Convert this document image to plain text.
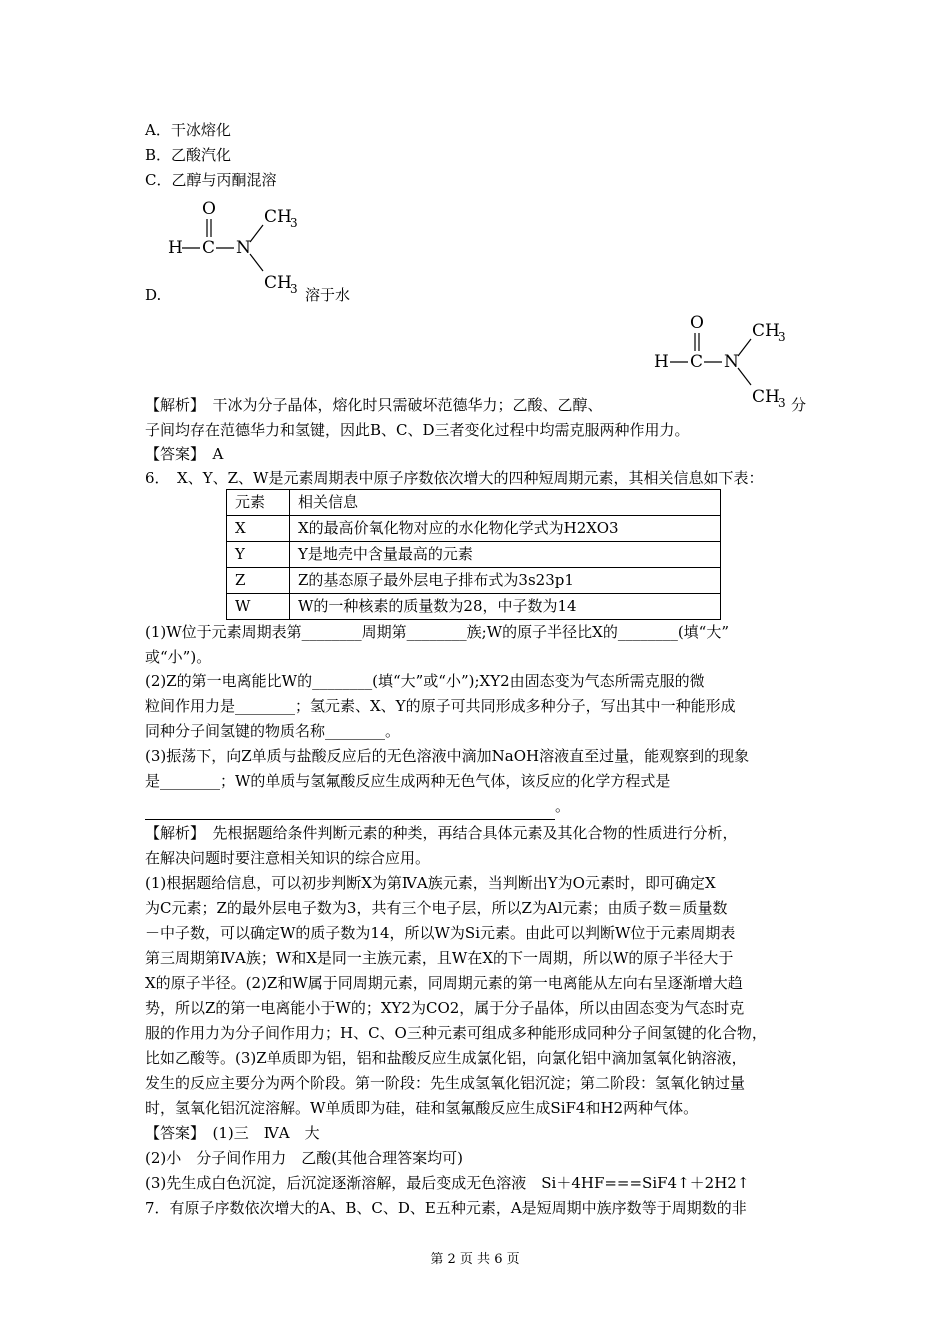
A．干冰熔化
B．乙酸汽化
C．乙醇与丙酮混溶
O
H C N
CH
3
CH
3
D.	溶于水
O
H C N
CH
3
CH
3
【解析】　干冰为分子晶体，熔化时只需破坏范德华力；乙酸、乙醇、	分
子间均存在范德华力和氢键，因此B、C、D三者变化过程中均需克服两种作用力。
【答案】　A
6．　X、Y、Z、W是元素周期表中原子序数依次增大的四种短周期元素，其相关信息如下表：
元素	相关信息
X	X的最高价氧化物对应的水化物化学式为H2XO3
Y	Y是地壳中含量最高的元素
Z	Z的基态原子最外层电子排布式为3s23p1
W	W的一种核素的质量数为28，中子数为14
(1)W位于元素周期表第________周期第________族;W的原子半径比X的________(填“大”
或“小”)。
(2)Z的第一电离能比W的________(填“大”或“小”);XY2由固态变为气态所需克服的微
粒间作用力是________；氢元素、X、Y的原子可共同形成多种分子，写出其中一种能形成
同种分子间氢键的物质名称________。
(3)振荡下，向Z单质与盐酸反应后的无色溶液中滴加NaOH溶液直至过量，能观察到的现象
是________；W的单质与氢氟酸反应生成两种无色气体，该反应的化学方程式是
。
【解析】　先根据题给条件判断元素的种类，再结合具体元素及其化合物的性质进行分析，
在解决问题时要注意相关知识的综合应用。
(1)根据题给信息，可以初步判断X为第ⅣA族元素，当判断出Y为O元素时，即可确定X
为C元素；Z的最外层电子数为3，共有三个电子层，所以Z为Al元素；由质子数＝质量数
－中子数，可以确定W的质子数为14，所以W为Si元素。由此可以判断W位于元素周期表
第三周期第ⅣA族；W和X是同一主族元素，且W在X的下一周期，所以W的原子半径大于
X的原子半径。(2)Z和W属于同周期元素，同周期元素的第一电离能从左向右呈逐渐增大趋
势，所以Z的第一电离能小于W的；XY2为CO2，属于分子晶体，所以由固态变为气态时克
服的作用力为分子间作用力；H、C、O三种元素可组成多种能形成同种分子间氢键的化合物，
比如乙酸等。(3)Z单质即为铝，铝和盐酸反应生成氯化铝，向氯化铝中滴加氢氧化钠溶液，
发生的反应主要分为两个阶段。第一阶段：先生成氢氧化铝沉淀；第二阶段：氢氧化钠过量
时，氢氧化铝沉淀溶解。W单质即为硅，硅和氢氟酸反应生成SiF4和H2两种气体。
【答案】　(1)三　ⅣA　大
(2)小　分子间作用力　乙酸(其他合理答案均可)
(3)先生成白色沉淀，后沉淀逐渐溶解，最后变成无色溶液　Si＋4HF===SiF4↑＋2H2↑
7．有原子序数依次增大的A、B、C、D、E五种元素，A是短周期中族序数等于周期数的非
第 2 页 共 6 页
